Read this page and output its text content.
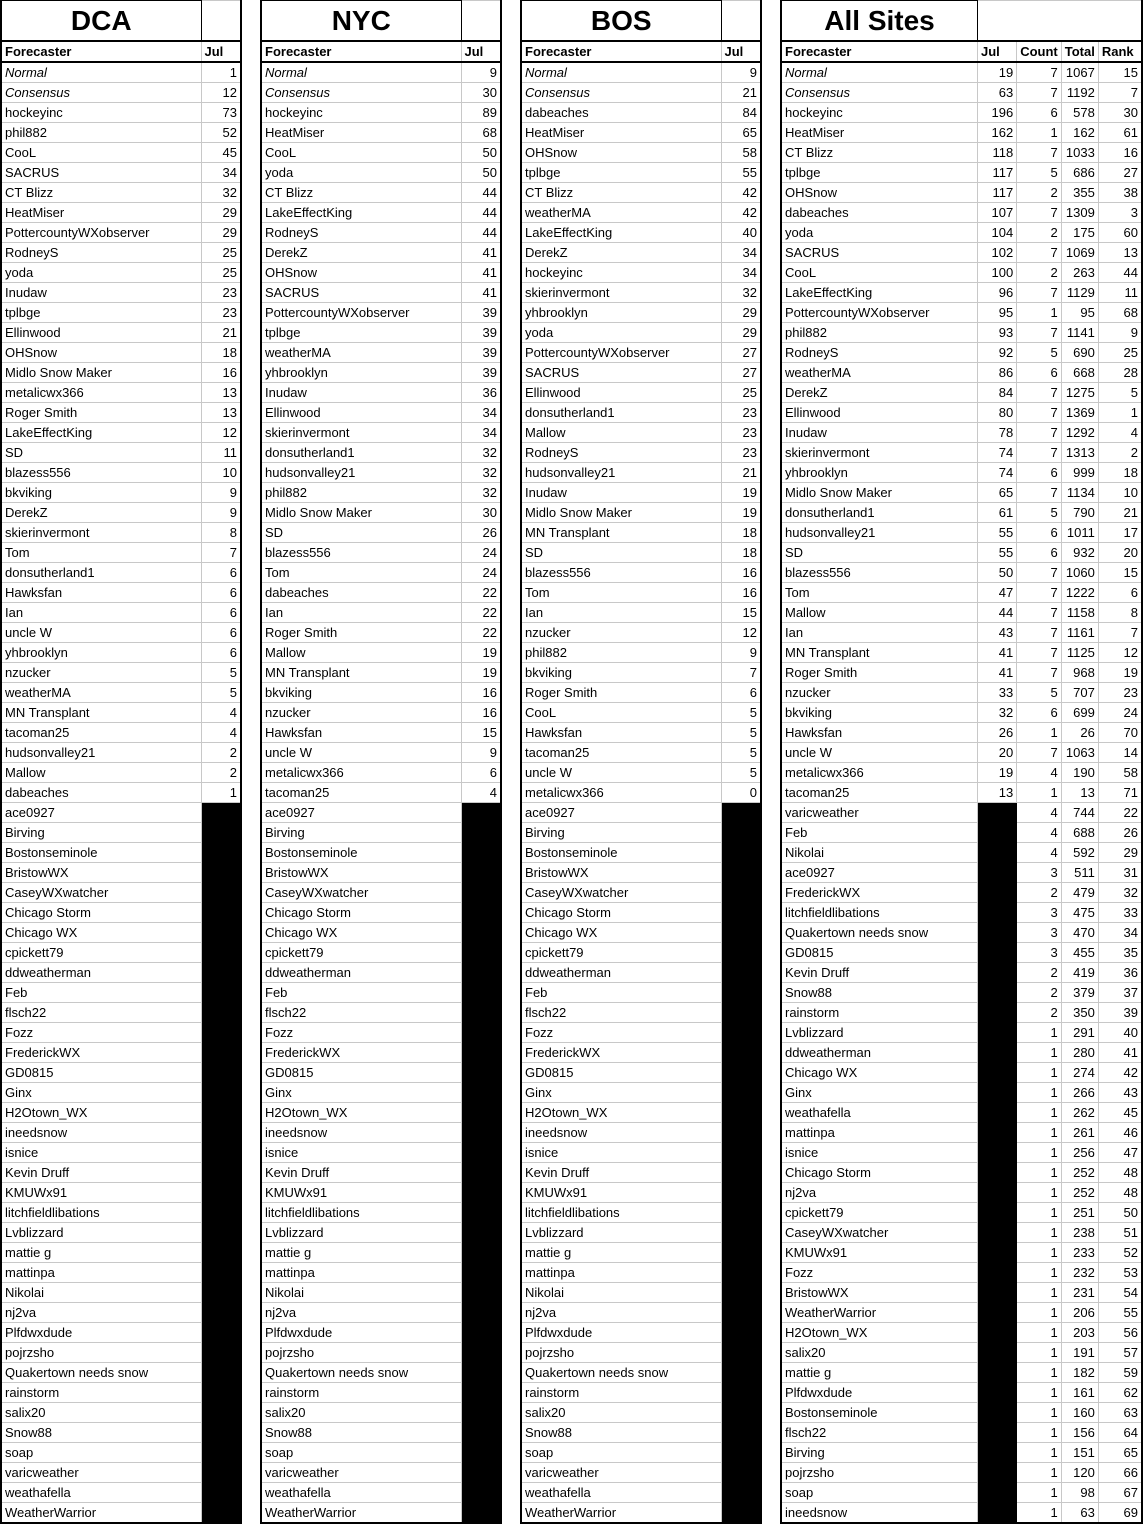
DCA	
Forecaster	Jul
Normal	1
Consensus	12
hockeyinc	73
phil882	52
CooL	45
SACRUS	34
CT Blizz	32
HeatMiser	29
PottercountyWXobserver	29
RodneyS	25
yoda	25
Inudaw	23
tplbge	23
Ellinwood	21
OHSnow	18
Midlo Snow Maker	16
metalicwx366	13
Roger Smith	13
LakeEffectKing	12
SD	11
blazess556	10
bkviking	9
DerekZ	9
skierinvermont	8
Tom	7
donsutherland1	6
Hawksfan	6
Ian	6
uncle W	6
yhbrooklyn	6
nzucker	5
weatherMA	5
MN Transplant	4
tacoman25	4
hudsonvalley21	2
Mallow	2
dabeaches	1
ace0927	
Birving	
Bostonseminole	
BristowWX	
CaseyWXwatcher	
Chicago Storm	
Chicago WX	
cpickett79	
ddweatherman	
Feb	
flsch22	
Fozz	
FrederickWX	
GD0815	
Ginx	
H2Otown_WX	
ineedsnow	
isnice	
Kevin Druff	
KMUWx91	
litchfieldlibations	
Lvblizzard	
mattie g	
mattinpa	
Nikolai	
nj2va	
Plfdwxdude	
pojrzsho	
Quakertown needs snow	
rainstorm	
salix20	
Snow88	
soap	
varicweather	
weathafella	
WeatherWarrior	
NYC	
Forecaster	Jul
Normal	9
Consensus	30
hockeyinc	89
HeatMiser	68
CooL	50
yoda	50
CT Blizz	44
LakeEffectKing	44
RodneyS	44
DerekZ	41
OHSnow	41
SACRUS	41
PottercountyWXobserver	39
tplbge	39
weatherMA	39
yhbrooklyn	39
Inudaw	36
Ellinwood	34
skierinvermont	34
donsutherland1	32
hudsonvalley21	32
phil882	32
Midlo Snow Maker	30
SD	26
blazess556	24
Tom	24
dabeaches	22
Ian	22
Roger Smith	22
Mallow	19
MN Transplant	19
bkviking	16
nzucker	16
Hawksfan	15
uncle W	9
metalicwx366	6
tacoman25	4
ace0927	
Birving	
Bostonseminole	
BristowWX	
CaseyWXwatcher	
Chicago Storm	
Chicago WX	
cpickett79	
ddweatherman	
Feb	
flsch22	
Fozz	
FrederickWX	
GD0815	
Ginx	
H2Otown_WX	
ineedsnow	
isnice	
Kevin Druff	
KMUWx91	
litchfieldlibations	
Lvblizzard	
mattie g	
mattinpa	
Nikolai	
nj2va	
Plfdwxdude	
pojrzsho	
Quakertown needs snow	
rainstorm	
salix20	
Snow88	
soap	
varicweather	
weathafella	
WeatherWarrior	
BOS	
Forecaster	Jul
Normal	9
Consensus	21
dabeaches	84
HeatMiser	65
OHSnow	58
tplbge	55
CT Blizz	42
weatherMA	42
LakeEffectKing	40
DerekZ	34
hockeyinc	34
skierinvermont	32
yhbrooklyn	29
yoda	29
PottercountyWXobserver	27
SACRUS	27
Ellinwood	25
donsutherland1	23
Mallow	23
RodneyS	23
hudsonvalley21	21
Inudaw	19
Midlo Snow Maker	19
MN Transplant	18
SD	18
blazess556	16
Tom	16
Ian	15
nzucker	12
phil882	9
bkviking	7
Roger Smith	6
CooL	5
Hawksfan	5
tacoman25	5
uncle W	5
metalicwx366	0
ace0927	
Birving	
Bostonseminole	
BristowWX	
CaseyWXwatcher	
Chicago Storm	
Chicago WX	
cpickett79	
ddweatherman	
Feb	
flsch22	
Fozz	
FrederickWX	
GD0815	
Ginx	
H2Otown_WX	
ineedsnow	
isnice	
Kevin Druff	
KMUWx91	
litchfieldlibations	
Lvblizzard	
mattie g	
mattinpa	
Nikolai	
nj2va	
Plfdwxdude	
pojrzsho	
Quakertown needs snow	
rainstorm	
salix20	
Snow88	
soap	
varicweather	
weathafella	
WeatherWarrior	
All Sites				
Forecaster	Jul	Count	Total	Rank
Normal	19	7	1067	15
Consensus	63	7	1192	7
hockeyinc	196	6	578	30
HeatMiser	162	1	162	61
CT Blizz	118	7	1033	16
tplbge	117	5	686	27
OHSnow	117	2	355	38
dabeaches	107	7	1309	3
yoda	104	2	175	60
SACRUS	102	7	1069	13
CooL	100	2	263	44
LakeEffectKing	96	7	1129	11
PottercountyWXobserver	95	1	95	68
phil882	93	7	1141	9
RodneyS	92	5	690	25
weatherMA	86	6	668	28
DerekZ	84	7	1275	5
Ellinwood	80	7	1369	1
Inudaw	78	7	1292	4
skierinvermont	74	7	1313	2
yhbrooklyn	74	6	999	18
Midlo Snow Maker	65	7	1134	10
donsutherland1	61	5	790	21
hudsonvalley21	55	6	1011	17
SD	55	6	932	20
blazess556	50	7	1060	15
Tom	47	7	1222	6
Mallow	44	7	1158	8
Ian	43	7	1161	7
MN Transplant	41	7	1125	12
Roger Smith	41	7	968	19
nzucker	33	5	707	23
bkviking	32	6	699	24
Hawksfan	26	1	26	70
uncle W	20	7	1063	14
metalicwx366	19	4	190	58
tacoman25	13	1	13	71
varicweather		4	744	22
Feb		4	688	26
Nikolai		4	592	29
ace0927		3	511	31
FrederickWX		2	479	32
litchfieldlibations		3	475	33
Quakertown needs snow		3	470	34
GD0815		3	455	35
Kevin Druff		2	419	36
Snow88		2	379	37
rainstorm		2	350	39
Lvblizzard		1	291	40
ddweatherman		1	280	41
Chicago WX		1	274	42
Ginx		1	266	43
weathafella		1	262	45
mattinpa		1	261	46
isnice		1	256	47
Chicago Storm		1	252	48
nj2va		1	252	48
cpickett79		1	251	50
CaseyWXwatcher		1	238	51
KMUWx91		1	233	52
Fozz		1	232	53
BristowWX		1	231	54
WeatherWarrior		1	206	55
H2Otown_WX		1	203	56
salix20		1	191	57
mattie g		1	182	59
Plfdwxdude		1	161	62
Bostonseminole		1	160	63
flsch22		1	156	64
Birving		1	151	65
pojrzsho		1	120	66
soap		1	98	67
ineedsnow		1	63	69
